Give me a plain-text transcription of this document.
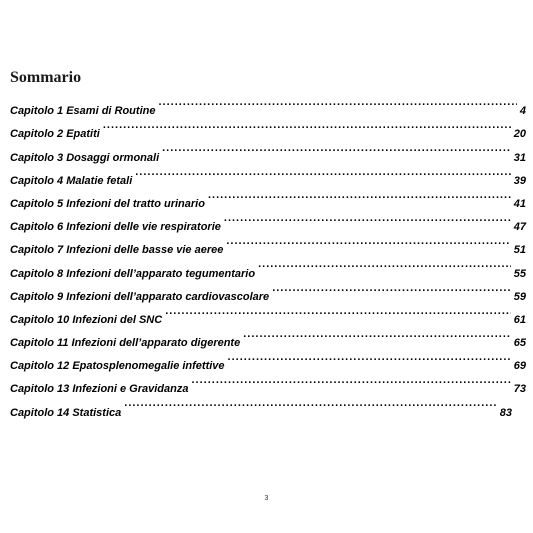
Sommario
Capitolo 1 Esami di Routine .....	4
Capitolo 2 Epatiti .....	20
Capitolo 3 Dosaggi ormonali .....	31
Capitolo 4 Malatie fetali .....	39
Capitolo 5 Infezioni del tratto urinario .....	41
Capitolo 6 Infezioni delle vie respiratorie .....	47
Capitolo 7 Infezioni delle basse vie aeree .....	51
Capitolo 8 Infezioni dell’apparato tegumentario .....	55
Capitolo 9 Infezioni dell’apparato cardiovascolare .....	59
Capitolo 10 Infezioni del SNC .....	61
Capitolo 11 Infezioni dell’apparato digerente .....	65
Capitolo 12 Epatosplenomegalie infettive .....	69
Capitolo 13 Infezioni e Gravidanza .....	73
Capitolo 14 Statistica .....	83
3
